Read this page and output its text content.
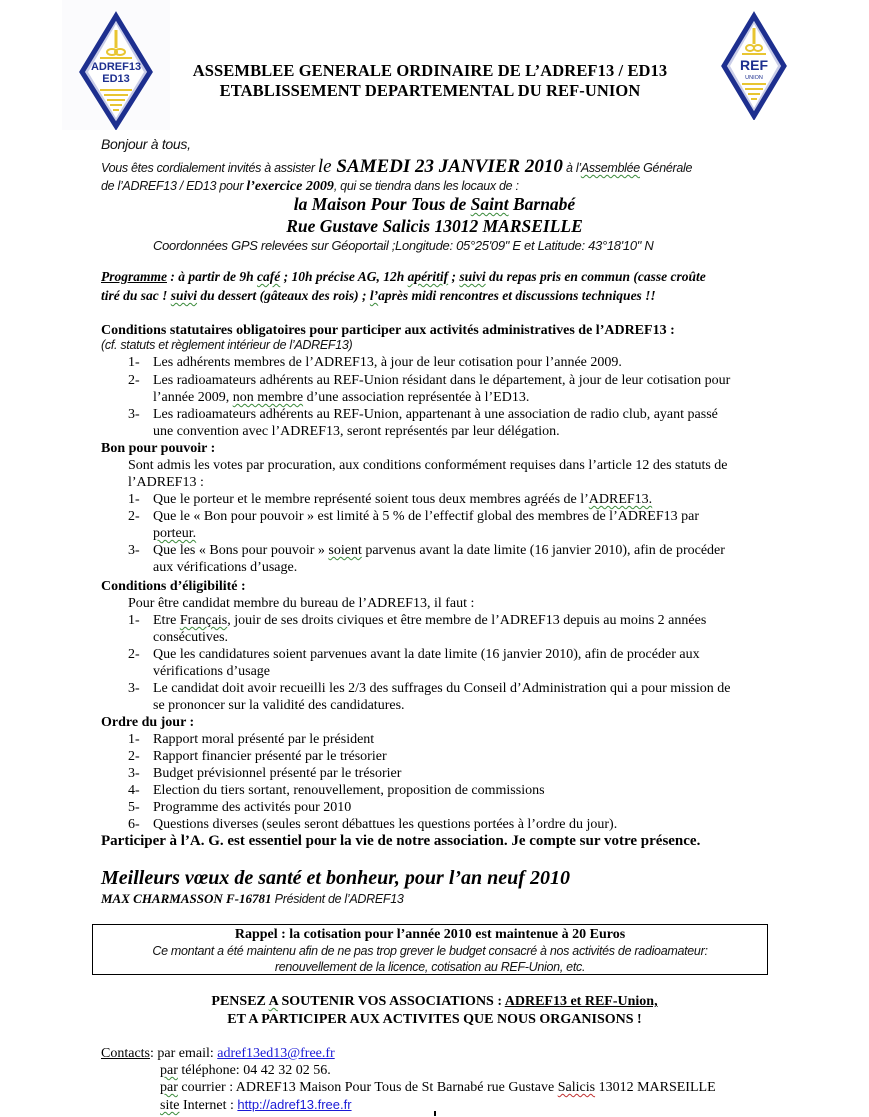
ADREF13
ED13
REF
UNION
ASSEMBLEE GENERALE ORDINAIRE DE L’ADREF13 / ED13
ETABLISSEMENT DEPARTEMENTAL DU REF-UNION
Bonjour à tous,
Vous êtes cordialement invités à assister le SAMEDI 23 JANVIER 2010 à l’Assemblée Générale
de l’ADREF13 / ED13 pour l’exercice 2009, qui se tiendra dans les locaux de :
la Maison Pour Tous de Saint Barnabé
Rue Gustave Salicis 13012 MARSEILLE
Coordonnées GPS relevées sur Géoportail ;Longitude: 05°25'09" E et Latitude: 43°18'10" N
Programme : à partir de 9h café ; 10h précise AG, 12h apéritif ; suivi du repas pris en commun (casse croûte
tiré du sac ! suivi du dessert (gâteaux des rois) ; l’après midi rencontres et discussions techniques !!
Conditions statutaires obligatoires pour participer aux activités administratives de l’ADREF13 :
(cf. statuts et règlement intérieur de l’ADREF13)
1- Les adhérents membres de l’ADREF13, à jour de leur cotisation pour l’année 2009.
2- Les radioamateurs adhérents au REF-Union résidant dans le département, à jour de leur cotisation pour
l’année 2009, non membre d’une association représentée à l’ED13.
3- Les radioamateurs adhérents au REF-Union, appartenant à une association de radio club, ayant passé
une convention avec l’ADREF13, seront représentés par leur délégation.
Bon pour pouvoir :
Sont admis les votes par procuration, aux conditions conformément requises dans l’article 12 des statuts de
l’ADREF13 :
1- Que le porteur et le membre représenté soient tous deux membres agréés de l’ADREF13.
2- Que le « Bon pour pouvoir » est limité à 5 % de l’effectif global des membres de l’ADREF13 par
porteur.
3- Que les « Bons pour pouvoir » soient parvenus avant la date limite (16 janvier 2010), afin de procéder
aux vérifications d’usage.
Conditions d’éligibilité :
Pour être candidat membre du bureau de l’ADREF13, il faut :
1- Etre Français, jouir de ses droits civiques et être membre de l’ADREF13 depuis au moins 2 années
consécutives.
2- Que les candidatures soient parvenues avant la date limite (16 janvier 2010), afin de procéder aux
vérifications d’usage
3- Le candidat doit avoir recueilli les 2/3 des suffrages du Conseil d’Administration qui a pour mission de
se prononcer sur la validité des candidatures.
Ordre du jour :
1- Rapport moral présenté par le président
2- Rapport financier présenté par le trésorier
3- Budget prévisionnel présenté par le trésorier
4- Election du tiers sortant, renouvellement, proposition de commissions
5- Programme des activités pour 2010
6- Questions diverses (seules seront débattues les questions portées à l’ordre du jour).
Participer à l’A. G. est essentiel pour la vie de notre association. Je compte sur votre présence.
Meilleurs vœux de santé et bonheur, pour l’an neuf 2010
MAX CHARMASSON F-16781 Président de l’ADREF13
Rappel : la cotisation pour l’année 2010 est maintenue à 20 Euros
Ce montant a été maintenu afin de ne pas trop grever le budget consacré à nos activités de radioamateur:
renouvellement de la licence, cotisation au REF-Union, etc.
PENSEZ A SOUTENIR VOS ASSOCIATIONS : ADREF13 et REF-Union,
ET A PARTICIPER AUX ACTIVITES QUE NOUS ORGANISONS !
Contacts: par email: adref13ed13@free.fr
par téléphone: 04 42 32 02 56.
par courrier : ADREF13 Maison Pour Tous de St Barnabé rue Gustave Salicis 13012 MARSEILLE
site Internet : http://adref13.free.fr
